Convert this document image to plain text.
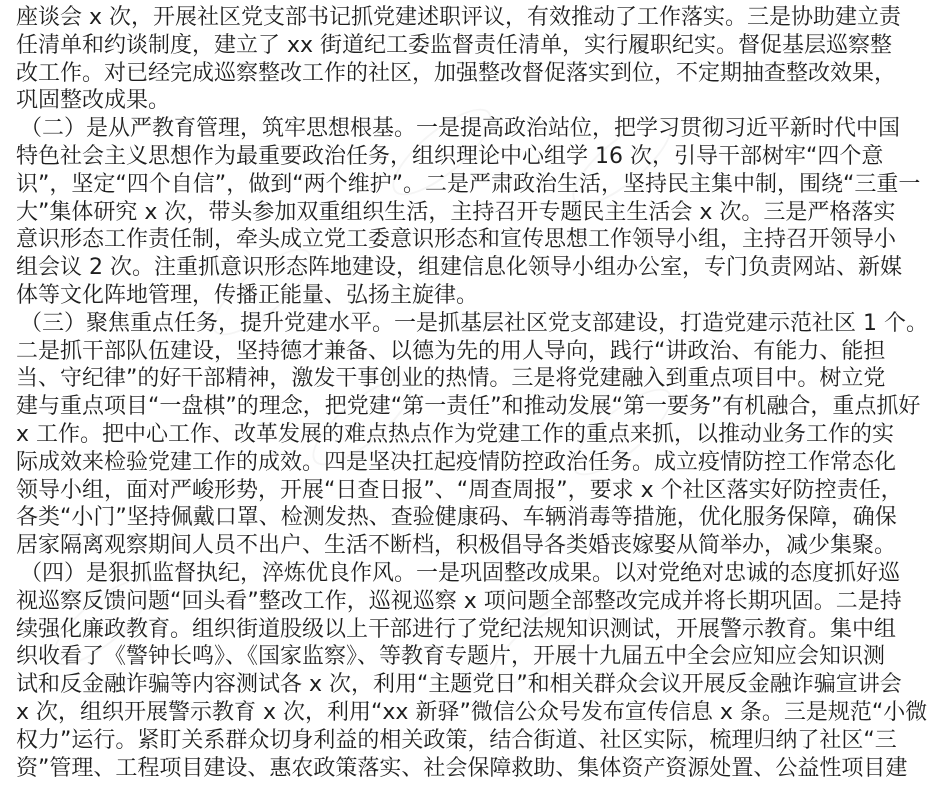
座谈会 x 次，开展社区党支部书记抓党建述职评议，有效推动了工作落实。三是协助建立责
任清单和约谈制度，建立了 xx 街道纪工委监督责任清单，实行履职纪实。督促基层巡察整
改工作。对已经完成巡察整改工作的社区，加强整改督促落实到位，不定期抽查整改效果，
巩固整改成果。
（二）是从严教育管理，筑牢思想根基。一是提高政治站位，把学习贯彻习近平新时代中国
特色社会主义思想作为最重要政治任务，组织理论中心组学 16 次，引导干部树牢“四个意
识”，坚定“四个自信”，做到“两个维护”。二是严肃政治生活，坚持民主集中制，围绕“三重一
大”集体研究 x 次，带头参加双重组织生活，主持召开专题民主生活会 x 次。三是严格落实
意识形态工作责任制，牵头成立党工委意识形态和宣传思想工作领导小组，主持召开领导小
组会议 2 次。注重抓意识形态阵地建设，组建信息化领导小组办公室，专门负责网站、新媒
体等文化阵地管理，传播正能量、弘扬主旋律。
（三）聚焦重点任务，提升党建水平。一是抓基层社区党支部建设，打造党建示范社区 1 个。
二是抓干部队伍建设，坚持德才兼备、以德为先的用人导向，践行“讲政治、有能力、能担
当、守纪律”的好干部精神，激发干事创业的热情。三是将党建融入到重点项目中。树立党
建与重点项目“一盘棋”的理念，把党建“第一责任”和推动发展“第一要务”有机融合，重点抓好
x 工作。把中心工作、改革发展的难点热点作为党建工作的重点来抓，以推动业务工作的实
际成效来检验党建工作的成效。四是坚决扛起疫情防控政治任务。成立疫情防控工作常态化
领导小组，面对严峻形势，开展“日查日报”、“周查周报”，要求 x 个社区落实好防控责任，
各类“小门”坚持佩戴口罩、检测发热、查验健康码、车辆消毒等措施，优化服务保障，确保
居家隔离观察期间人员不出户、生活不断档，积极倡导各类婚丧嫁娶从简举办，减少集聚。
（四）是狠抓监督执纪，淬炼优良作风。一是巩固整改成果。以对党绝对忠诚的态度抓好巡
视巡察反馈问题“回头看”整改工作，巡视巡察 x 项问题全部整改完成并将长期巩固。二是持
续强化廉政教育。组织街道股级以上干部进行了党纪法规知识测试，开展警示教育。集中组
织收看了《警钟长鸣》、《国家监察》、等教育专题片，开展十九届五中全会应知应会知识测
试和反金融诈骗等内容测试各 x 次，利用“主题党日”和相关群众会议开展反金融诈骗宣讲会
x 次，组织开展警示教育 x 次，利用“xx 新驿”微信公众号发布宣传信息 x 条。三是规范“小微
权力”运行。紧盯关系群众切身利益的相关政策，结合街道、社区实际，梳理归纳了社区“三
资”管理、工程项目建设、惠农政策落实、社会保障救助、集体资产资源处置、公益性项目建
